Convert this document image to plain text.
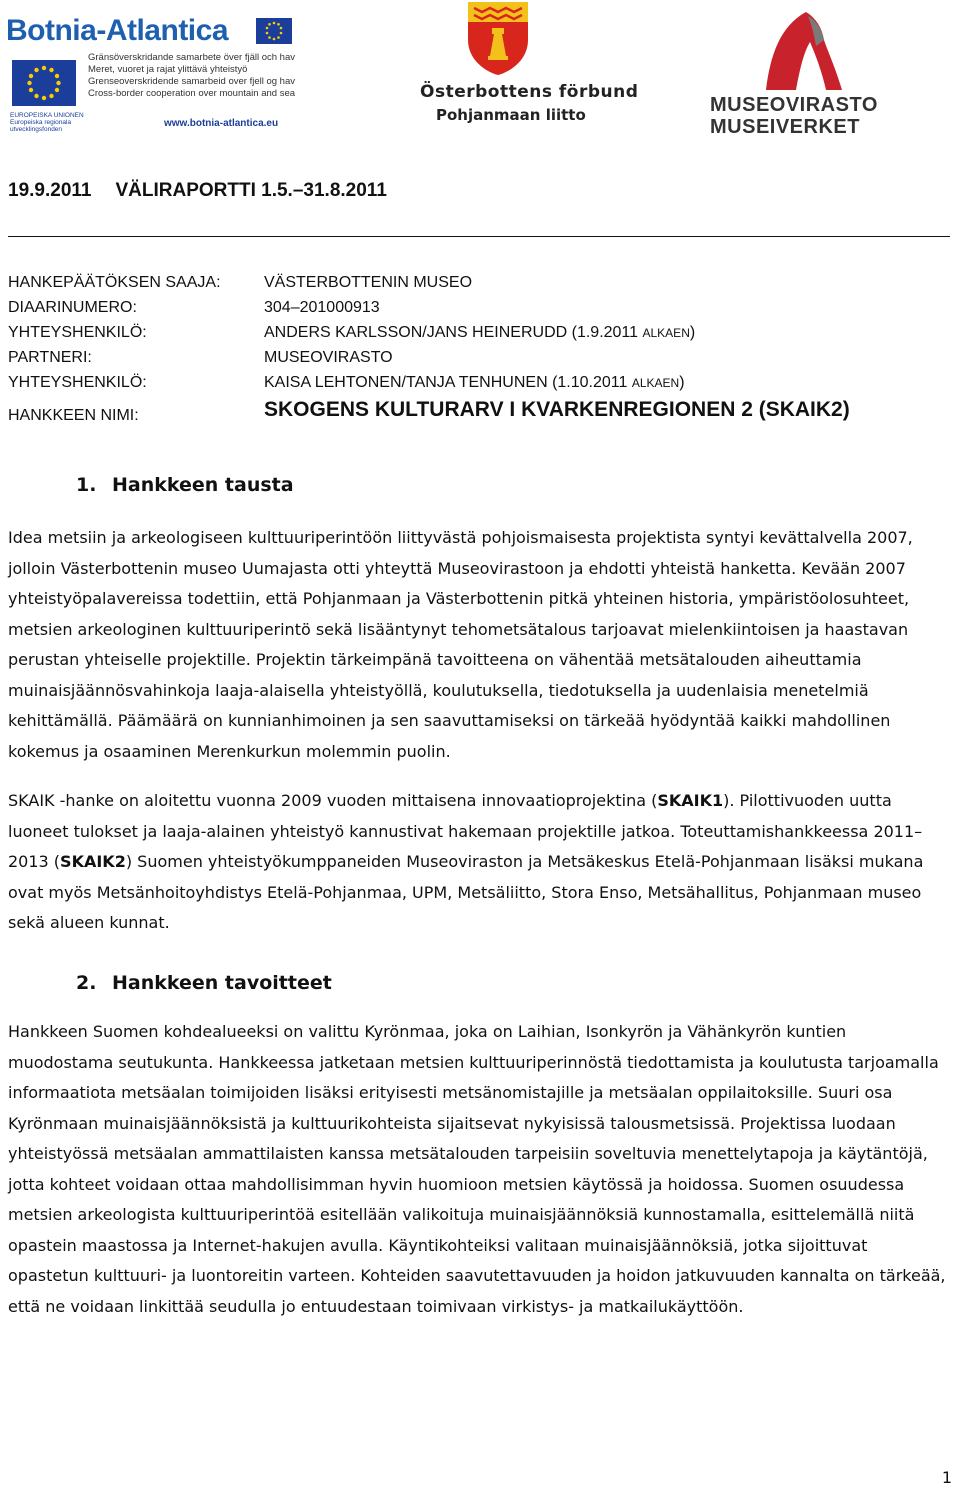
Botnia-Atlantica
Gränsöverskridande samarbete över fjäll och hav
Meret, vuoret ja rajat ylittävä yhteistyö
Grenseoverskridende samarbeid over fjell og hav
Cross-border cooperation over mountain and sea
EUROPEISKA UNIONEN Europeiska regionala utvecklingsfonden
www.botnia-atlantica.eu
Österbottens förbund
Pohjanmaan liitto	MUSEOVIRASTO
MUSEIVERKET
19.9.2011 VÄLIRAPORTTI 1.5.–31.8.2011
HANKEPÄÄTÖKSEN SAAJA:	VÄSTERBOTTENIN MUSEO
DIAARINUMERO:	304–201000913
YHTEYSHENKILÖ:	ANDERS KARLSSON/JANS HEINERUDD (1.9.2011 ALKAEN)
PARTNERI:	MUSEOVIRASTO
YHTEYSHENKILÖ:	KAISA LEHTONEN/TANJA TENHUNEN (1.10.2011 ALKAEN)
HANKKEEN NIMI:	SKOGENS KULTURARV I KVARKENREGIONEN 2 (SKAIK2)
1. Hankkeen tausta
Idea metsiin ja arkeologiseen kulttuuriperintöön liittyvästä pohjoismaisesta projektista syntyi kevättalvella 2007, jolloin Västerbottenin museo Uumajasta otti yhteyttä Museovirastoon ja ehdotti yhteistä hanketta. Kevään 2007 yhteistyöpalavereissa todettiin, että Pohjanmaan ja Västerbottenin pitkä yhteinen historia, ympäristöolosuhteet, metsien arkeologinen kulttuuriperintö sekä lisääntynyt tehometsätalous tarjoavat mielenkiintoisen ja haastavan perustan yhteiselle projektille. Projektin tärkeimpänä tavoitteena on vähentää metsätalouden aiheuttamia muinaisjäännösvahinkoja laaja-alaisella yhteistyöllä, koulutuksella, tiedotuksella ja uudenlaisia menetelmiä kehittämällä. Päämäärä on kunnianhimoinen ja sen saavuttamiseksi on tärkeää hyödyntää kaikki mahdollinen kokemus ja osaaminen Merenkurkun molemmin puolin.
SKAIK -hanke on aloitettu vuonna 2009 vuoden mittaisena innovaatioprojektina (SKAIK1). Pilottivuoden uutta luoneet tulokset ja laaja-alainen yhteistyö kannustivat hakemaan projektille jatkoa. Toteuttamishankkeessa 2011–2013 (SKAIK2) Suomen yhteistyökumppaneiden Museoviraston ja Metsäkeskus Etelä-Pohjanmaan lisäksi mukana ovat myös Metsänhoitoyhdistys Etelä-Pohjanmaa, UPM, Metsäliitto, Stora Enso, Metsähallitus, Pohjanmaan museo sekä alueen kunnat.
2. Hankkeen tavoitteet
Hankkeen Suomen kohdealueeksi on valittu Kyrönmaa, joka on Laihian, Isonkyrön ja Vähänkyrön kuntien muodostama seutukunta. Hankkeessa jatketaan metsien kulttuuriperinnöstä tiedottamista ja koulutusta tarjoamalla informaatiota metsäalan toimijoiden lisäksi erityisesti metsänomistajille ja metsäalan oppilaitoksille. Suuri osa Kyrönmaan muinaisjäännöksistä ja kulttuurikohteista sijaitsevat nykyisissä talousmetsissä. Projektissa luodaan yhteistyössä metsäalan ammattilaisten kanssa metsätalouden tarpeisiin soveltuvia menettelytapoja ja käytäntöjä, jotta kohteet voidaan ottaa mahdollisimman hyvin huomioon metsien käytössä ja hoidossa. Suomen osuudessa metsien arkeologista kulttuuriperintöä esitellään valikoituja muinaisjäännöksiä kunnostamalla, esittelemällä niitä opastein maastossa ja Internet-hakujen avulla. Käyntikohteiksi valitaan muinaisjäännöksiä, jotka sijoittuvat opastetun kulttuuri- ja luontoreitin varteen. Kohteiden saavutettavuuden ja hoidon jatkuvuuden kannalta on tärkeää, että ne voidaan linkittää seudulla jo entuudestaan toimivaan virkistys- ja matkailukäyttöön.
1
